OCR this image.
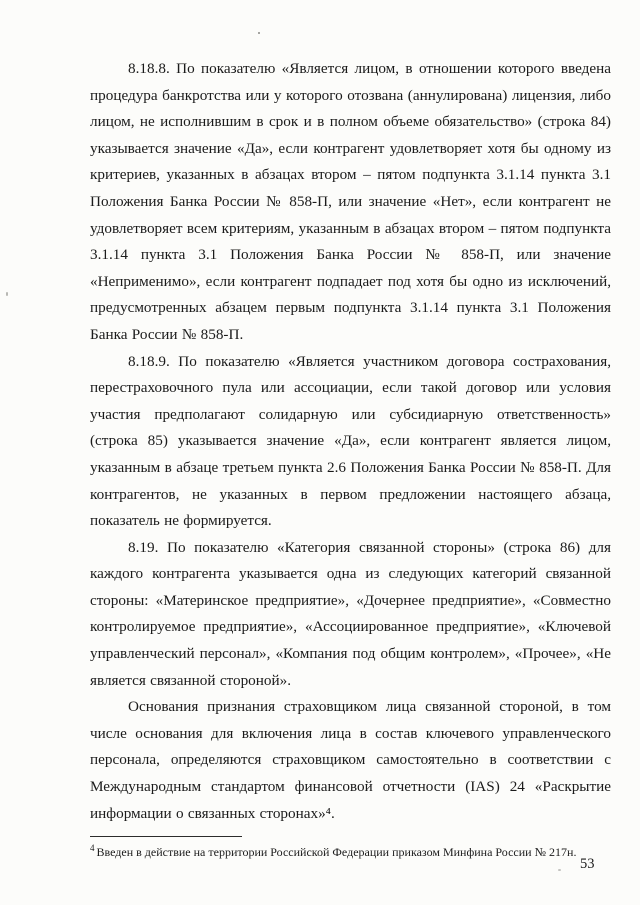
8.18.8. По показателю «Является лицом, в отношении которого введена процедура банкротства или у которого отозвана (аннулирована) лицензия, либо лицом, не исполнившим в срок и в полном объеме обязательство» (строка 84) указывается значение «Да», если контрагент удовлетворяет хотя бы одному из критериев, указанных в абзацах втором – пятом подпункта 3.1.14 пункта 3.1 Положения Банка России № 858-П, или значение «Нет», если контрагент не удовлетворяет всем критериям, указанным в абзацах втором – пятом подпункта 3.1.14 пункта 3.1 Положения Банка России № 858-П, или значение «Неприменимо», если контрагент подпадает под хотя бы одно из исключений, предусмотренных абзацем первым подпункта 3.1.14 пункта 3.1 Положения Банка России № 858-П.

8.18.9. По показателю «Является участником договора сострахования, перестраховочного пула или ассоциации, если такой договор или условия участия предполагают солидарную или субсидиарную ответственность» (строка 85) указывается значение «Да», если контрагент является лицом, указанным в абзаце третьем пункта 2.6 Положения Банка России № 858-П. Для контрагентов, не указанных в первом предложении настоящего абзаца, показатель не формируется.

8.19. По показателю «Категория связанной стороны» (строка 86) для каждого контрагента указывается одна из следующих категорий связанной стороны: «Материнское предприятие», «Дочернее предприятие», «Совместно контролируемое предприятие», «Ассоциированное предприятие», «Ключевой управленческий персонал», «Компания под общим контролем», «Прочее», «Не является связанной стороной».

Основания признания страховщиком лица связанной стороной, в том числе основания для включения лица в состав ключевого управленческого персонала, определяются страховщиком самостоятельно в соответствии с Международным стандартом финансовой отчетности (IAS) 24 «Раскрытие информации о связанных сторонах»⁴.

$^4$ Введен в действие на территории Российской Федерации приказом Минфина России № 217н.

53
